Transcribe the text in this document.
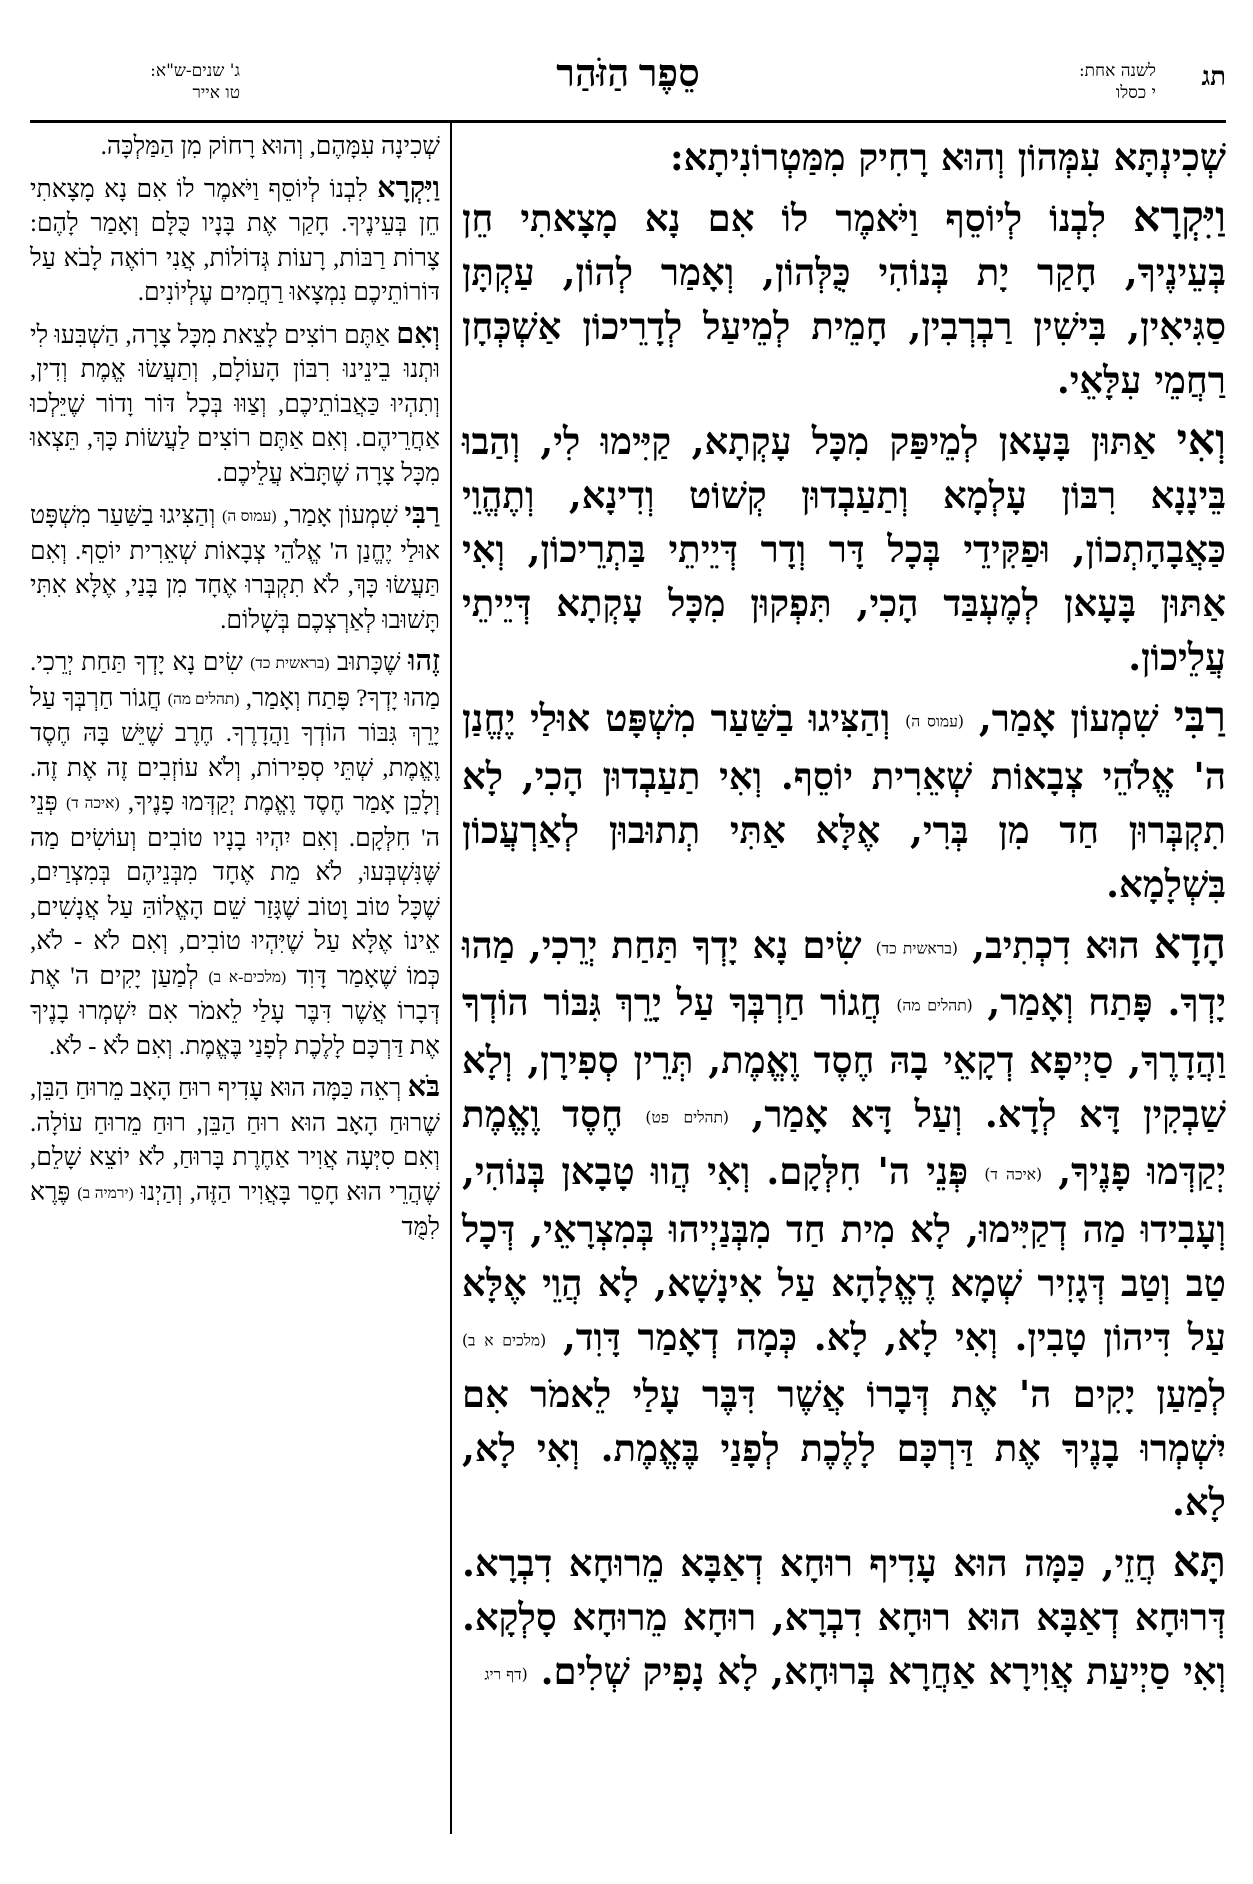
תג
לשנה אחת:
י כסלו
סֵפֶר הַזֹּהַר
ג' שנים-ש"א:
טו אייר

שְׁכִינְתָּא עִמְּהוֹן וְהוּא רָחִיק מִמַּטְרוֹנִיתָא:

וַיִּקְרָא לִבְנוֹ לְיוֹסֵף וַיֹּאמֶר לוֹ אִם נָא מָצָאתִי חֵן בְּעֵינֶיךָ, חָקַר יָת בְּנוֹהִי כֻּלְּהוֹן, וְאָמַר לְהוֹן, עַקְתָּן סַגִּיאִין, בִּישִׁין רַבְרְבִין, חָמֵית לְמֵיעַל לְדָרֵיכוֹן אַשְׁכְּחָן רַחֲמֵי עִלָּאֵי.

וְאִי אַתּוּן בָּעָאן לְמֵיפַּק מִכָּל עָקְתָא, קַיִּימוּ לִי, וְהַבוּ בֵּינָנָא רִבּוֹן עָלְמָא וְתַעַבְדוּן קְשׁוֹט וְדִינָא, וְתֶהֱוֵי כַּאֲבָהָתְכוֹן, וּפַקִּידֵי בְּכָל דָּר וְדָר דְּיֵיתֵי בַּתְרֵיכוֹן, וְאִי אַתּוּן בָּעָאן לְמֶעְבַּד הָכִי, תִּפְקוּן מִכָּל עָקְתָא דְּיֵיתֵי עֲלֵיכוֹן.

רַבִּי שִׁמְעוֹן אָמַר, (עמוס ה) וְהַצִּיגוּ בַשַּׁעַר מִשְׁפָּט אוּלַי יֶחֱנַן ה' אֱלֹהֵי צְבָאוֹת שְׁאֵרִית יוֹסֵף. וְאִי תַעַבְדוּן הָכִי, לָא תִקְבְּרוּן חַד מִן בְּרִי, אֶלָּא אַתִּי תְתוּבוּן לְאַרְעֲכוֹן בִּשְׁלָמָא.

הָדָא הוּא דִכְתִיב, (בראשית כד) שִׂים נָא יָדְךָ תַּחַת יְרֵכִי, מַהוּ יָדְךָ. פָּתַח וְאָמַר, (תהלים מה) חֲגוֹר חַרְבְּךָ עַל יָרֵךְ גִּבּוֹר הוֹדְךָ וַהֲדָרֶךָ, סַיְיפָא דְקָאֵי בָהּ חֶסֶד וֶאֱמֶת, תְּרֵין סְפִירָן, וְלָא שַׁבְקִין דָּא לְדָא. וְעַל דָּא אָמַר, (תהלים פט) חֶסֶד וֶאֱמֶת יְקַדְּמוּ פָנֶיךָ, (איכה ד) פְּנֵי ה' חִלְּקָם. וְאִי הֲווּ טָבָאן בְּנוֹהִי, וְעָבִידוּ מַה דְקַיִּימוּ, לָא מִית חַד מִבְּנַיְיהוּ בְּמִצְרָאֵי, דְּכָל טַב וְטַב דְּגָזִיר שְׁמָא דֶאֱלָהָא עַל אִינָשָׁא, לָא הֲוֵי אֶלָּא עַל דִּיהוֹן טָבִין. וְאִי לָא, לָא. כְּמָה דְאָמַר דָּוִד, (מלכים א ב) לְמַעַן יָקִים ה' אֶת דְּבָרוֹ אֲשֶׁר דִּבֶּר עָלַי לֵאמֹר אִם יִשְׁמְרוּ בָנֶיךָ אֶת דַּרְכָּם לָלֶכֶת לְפָנַי בֶּאֱמֶת. וְאִי לָא, לָא.

תָּא חֲזֵי, כַּמָּה הוּא עָדִיף רוּחָא דְאַבָּא מֵרוּחָא דִבְרָא. דְּרוּחָא דְאַבָּא הוּא רוּחָא דִבְרָא, רוּחָא מֵרוּחָא סָלְקָא. וְאִי סַיְיעַת אֲוִירָא אַחֲרָא בְּרוּחָא, לָא נָפִיק שְׁלִים. (דף ריג

שְׁכִינָה עִמָּהֶם, וְהוּא רָחוֹק מִן הַמַּלְכָּה.

וַיִּקְרָא לִבְנוֹ לְיוֹסֵף וַיֹּאמֶר לוֹ אִם נָא מָצָאתִי חֵן בְּעֵינֶיךָ. חָקַר אֶת בָּנָיו כֻּלָּם וְאָמַר לָהֶם: צָרוֹת רַבּוֹת, רָעוֹת גְּדוֹלוֹת, אֲנִי רוֹאֶה לָבֹא עַל דּוֹרוֹתֵיכֶם נִמְצָאוּ רַחֲמִים עֶלְיוֹנִים.

וְאִם אַתֶּם רוֹצִים לָצֵאת מִכָּל צָרָה, הַשְׁבִּעוּ לִי וּתְנוּ בֵינֵינוּ רִבּוֹן הָעוֹלָם, וְתַעֲשׂוּ אֱמֶת וְדִין, וְתִהְיוּ כַּאֲבוֹתֵיכֶם, וְצַוּוּ בְּכָל דּוֹר וָדוֹר שֶׁיֵּלְכוּ אַחֲרֵיהֶם. וְאִם אַתֶּם רוֹצִים לַעֲשׂוֹת כָּךְ, תֵּצְאוּ מִכָּל צָרָה שֶׁתָּבֹא עֲלֵיכֶם.

רַבִּי שִׁמְעוֹן אָמַר, (עמוס ה) וְהַצִּיגוּ בַשַּׁעַר מִשְׁפָּט אוּלַי יֶחֱנַן ה' אֱלֹהֵי צְבָאוֹת שְׁאֵרִית יוֹסֵף. וְאִם תַּעֲשׂוּ כָּךְ, לֹא תִקְבְּרוּ אֶחָד מִן בָּנַי, אֶלָּא אִתִּי תָּשׁוּבוּ לְאַרְצְכֶם בְּשָׁלוֹם.

זֶהוּ שֶׁכָּתוּב (בראשית כד) שִׂים נָא יָדְךָ תַּחַת יְרֵכִי. מַהוּ יָדְךָ? פָּתַח וְאָמַר, (תהלים מה) חֲגוֹר חַרְבְּךָ עַל יָרֵךְ גִּבּוֹר הוֹדְךָ וַהֲדָרֶךָ. חֶרֶב שֶׁיֵּשׁ בָּהּ חֶסֶד וֶאֱמֶת, שְׁתֵּי סְפִירוֹת, וְלֹא עוֹזְבִים זֶה אֶת זֶה. וְלָכֵן אָמַר חֶסֶד וֶאֱמֶת יְקַדְּמוּ פָנֶיךָ, (איכה ד) פְּנֵי ה' חִלְּקָם. וְאִם יִהְיוּ בָנָיו טוֹבִים וְעוֹשִׂים מַה שֶּׁנִּשְׁבְּעוּ, לֹא מֵת אֶחָד מִבְּנֵיהֶם בְּמִצְרַיִם, שֶׁכָּל טוֹב וָטוֹב שֶׁגָּזַר שֵׁם הָאֱלוֹהַּ עַל אֲנָשִׁים, אֵינוֹ אֶלָּא עַל שֶׁיִּהְיוּ טוֹבִים, וְאִם לֹא - לֹא, כְּמוֹ שֶׁאָמַר דָּוִד (מלכים-א ב) לְמַעַן יָקִים ה' אֶת דְּבָרוֹ אֲשֶׁר דִּבֶּר עָלַי לֵאמֹר אִם יִשְׁמְרוּ בָנֶיךָ אֶת דַּרְכָּם לָלֶכֶת לְפָנַי בֶּאֱמֶת. וְאִם לֹא - לֹא.

בֹּא רְאֵה כַּמָּה הוּא עָדִיף רוּחַ הָאָב מֵרוּחַ הַבֵּן, שֶׁרוּחַ הָאָב הוּא רוּחַ הַבֵּן, רוּחַ מֵרוּחַ עוֹלָה. וְאִם סִיְּעָה אֲוִיר אַחֶרֶת בָּרוּחַ, לֹא יוֹצֵא שָׁלֵם, שֶׁהֲרֵי הוּא חָסֵר בָּאֲוִיר הַזֶּה, וְהַיְנוּ (ירמיה ב) פֶּרֶא לִמֻּד
